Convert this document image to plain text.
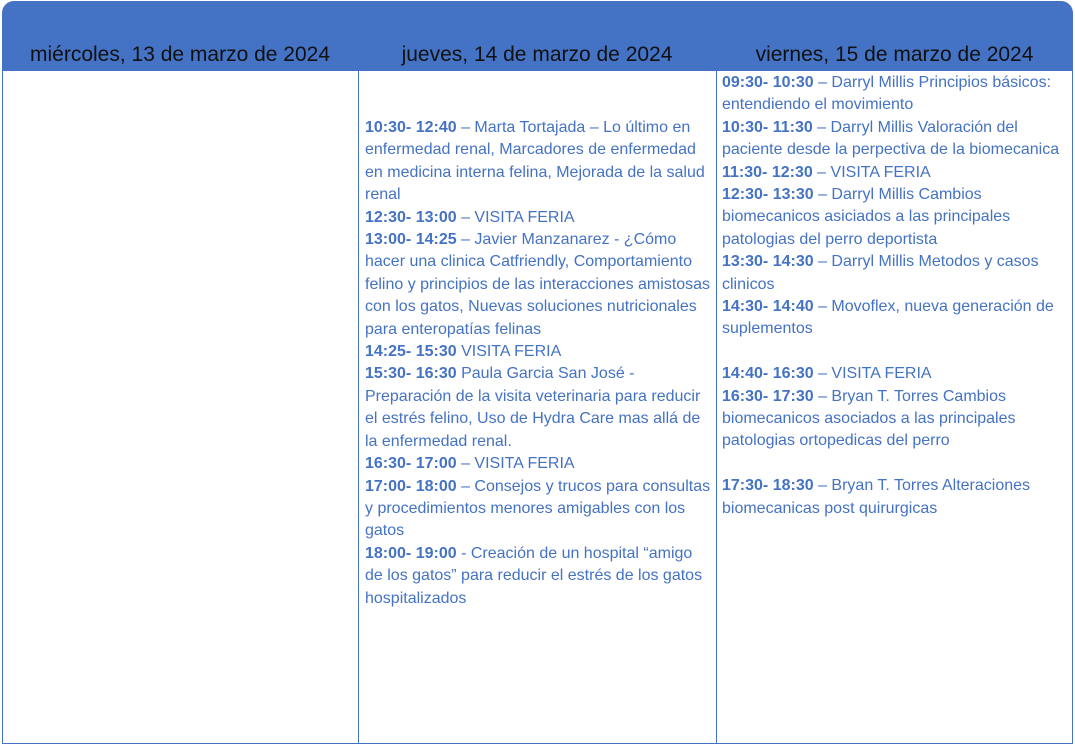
miércoles, 13 de marzo de 2024	jueves, 14 de marzo de 2024	viernes, 15 de marzo de 2024

10:30- 12:40 – Marta Tortajada – Lo último en enfermedad renal, Marcadores de enfermedad en medicina interna felina, Mejorada de la salud renal

12:30- 13:00 – VISITA FERIA

13:00- 14:25 – Javier Manzanarez - ¿Cómo hacer una clinica Catfriendly, Comportamiento felino y principios de las interacciones amistosas con los gatos, Nuevas soluciones nutricionales para enteropatías felinas

14:25- 15:30 VISITA FERIA

15:30- 16:30 Paula Garcia San José - Preparación de la visita veterinaria para reducir el estrés felino, Uso de Hydra Care mas allá de la enfermedad renal.

16:30- 17:00 – VISITA FERIA

17:00- 18:00 – Consejos y trucos para consultas y procedimientos menores amigables con los gatos

18:00- 19:00 - Creación de un hospital “amigo de los gatos” para reducir el estrés de los gatos hospitalizados

09:30- 10:30 – Darryl Millis Principios básicos: entendiendo el movimiento

10:30- 11:30 – Darryl Millis Valoración del paciente desde la perpectiva de la biomecanica

11:30- 12:30 – VISITA FERIA

12:30- 13:30 – Darryl Millis Cambios biomecanicos asiciados a las principales patologias del perro deportista

13:30- 14:30 – Darryl Millis Metodos y casos clinicos

14:30- 14:40 – Movoflex, nueva generación de suplementos

14:40- 16:30 – VISITA FERIA

16:30- 17:30 – Bryan T. Torres Cambios biomecanicos asociados a las principales patologias ortopedicas del perro

17:30- 18:30 – Bryan T. Torres Alteraciones biomecanicas post quirurgicas
